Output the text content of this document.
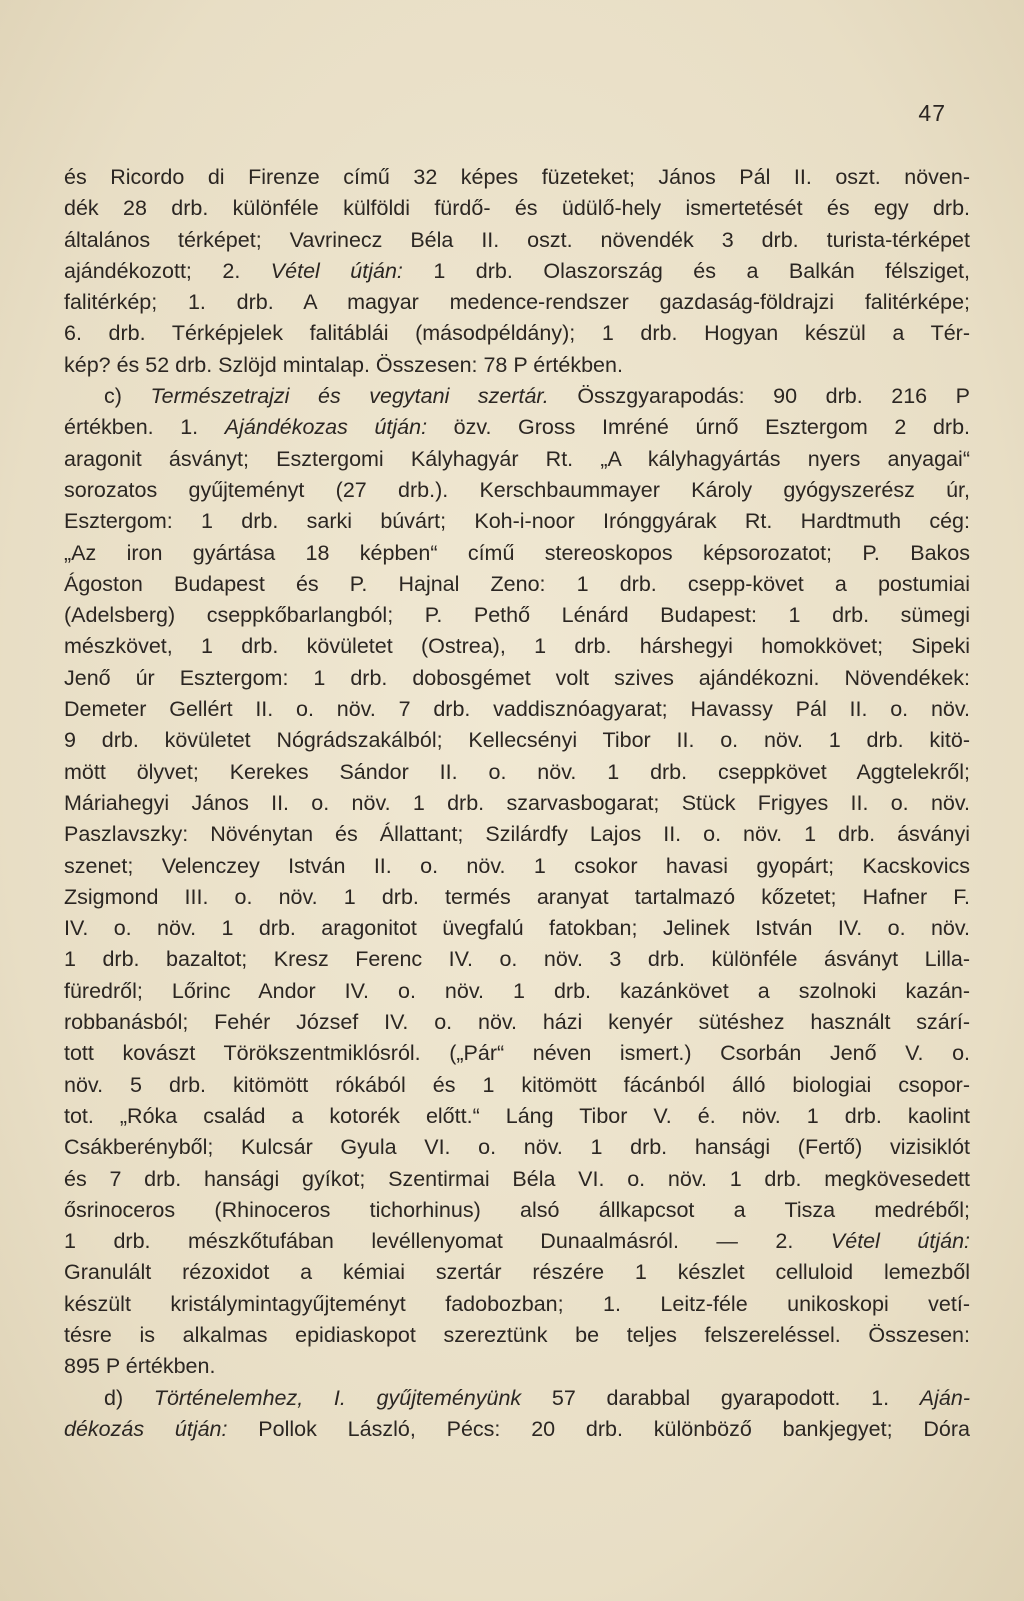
47
és Ricordo di Firenze című 32 képes füzeteket; János Pál II. oszt. növen-
dék 28 drb. különféle külföldi fürdő- és üdülő-hely ismertetését és egy drb.
általános térképet; Vavrinecz Béla II. oszt. növendék 3 drb. turista-térképet
ajándékozott; 2. Vétel útján: 1 drb. Olaszország és a Balkán félsziget,
falitérkép; 1. drb. A magyar medence-rendszer gazdaság-földrajzi falitérképe;
6. drb. Térképjelek falitáblái (másodpéldány); 1 drb. Hogyan készül a Tér-
kép? és 52 drb. Szlöjd mintalap. Összesen: 78 P értékben.
c) Természetrajzi és vegytani szertár. Összgyarapodás: 90 drb. 216 P
értékben. 1. Ajándékozas útján: özv. Gross Imréné úrnő Esztergom 2 drb.
aragonit ásványt; Esztergomi Kályhagyár Rt. „A kályhagyártás nyers anyagai“
sorozatos gyűjteményt (27 drb.). Kerschbaummayer Károly gyógyszerész úr,
Esztergom: 1 drb. sarki búvárt; Koh-i-noor Irónggyárak Rt. Hardtmuth cég:
„Az iron gyártása 18 képben“ című stereoskopos képsorozatot; P. Bakos
Ágoston Budapest és P. Hajnal Zeno: 1 drb. csepp-követ a postumiai
(Adelsberg) cseppkőbarlangból; P. Pethő Lénárd Budapest: 1 drb. sümegi
mészkövet, 1 drb. kövületet (Ostrea), 1 drb. hárshegyi homokkövet; Sipeki
Jenő úr Esztergom: 1 drb. dobosgémet volt szives ajándékozni. Növendékek:
Demeter Gellért II. o. növ. 7 drb. vaddisznóagyarat; Havassy Pál II. o. növ.
9 drb. kövületet Nógrádszakálból; Kellecsényi Tibor II. o. növ. 1 drb. kitö-
mött ölyvet; Kerekes Sándor II. o. növ. 1 drb. cseppkövet Aggtelekről;
Máriahegyi János II. o. növ. 1 drb. szarvasbogarat; Stück Frigyes II. o. növ.
Paszlavszky: Növénytan és Állattant; Szilárdfy Lajos II. o. növ. 1 drb. ásványi
szenet; Velenczey István II. o. növ. 1 csokor havasi gyopárt; Kacskovics
Zsigmond III. o. növ. 1 drb. termés aranyat tartalmazó kőzetet; Hafner F.
IV. o. növ. 1 drb. aragonitot üvegfalú fatokban; Jelinek István IV. o. növ.
1 drb. bazaltot; Kresz Ferenc IV. o. növ. 3 drb. különféle ásványt Lilla-
füredről; Lőrinc Andor IV. o. növ. 1 drb. kazánkövet a szolnoki kazán-
robbanásból; Fehér József IV. o. növ. házi kenyér sütéshez használt szárí-
tott kovászt Törökszentmiklósról. („Pár“ néven ismert.) Csorbán Jenő V. o.
növ. 5 drb. kitömött rókából és 1 kitömött fácánból álló biologiai csopor-
tot. „Róka család a kotorék előtt.“ Láng Tibor V. é. növ. 1 drb. kaolint
Csákberényből; Kulcsár Gyula VI. o. növ. 1 drb. hansági (Fertő) vizisiklót
és 7 drb. hansági gyíkot; Szentirmai Béla VI. o. növ. 1 drb. megkövesedett
ősrinoceros (Rhinoceros tichorhinus) alsó állkapcsot a Tisza medréből;
1 drb. mészkőtufában levéllenyomat Dunaalmásról. — 2. Vétel útján:
Granulált rézoxidot a kémiai szertár részére 1 készlet celluloid lemezből
készült kristálymintagyűjteményt fadobozban; 1. Leitz-féle unikoskopi vetí-
tésre is alkalmas epidiaskopot szereztünk be teljes felszereléssel. Összesen:
895 P értékben.
d) Történelemhez, I. gyűjteményünk 57 darabbal gyarapodott. 1. Aján-
dékozás útján: Pollok László, Pécs: 20 drb. különböző bankjegyet; Dóra
